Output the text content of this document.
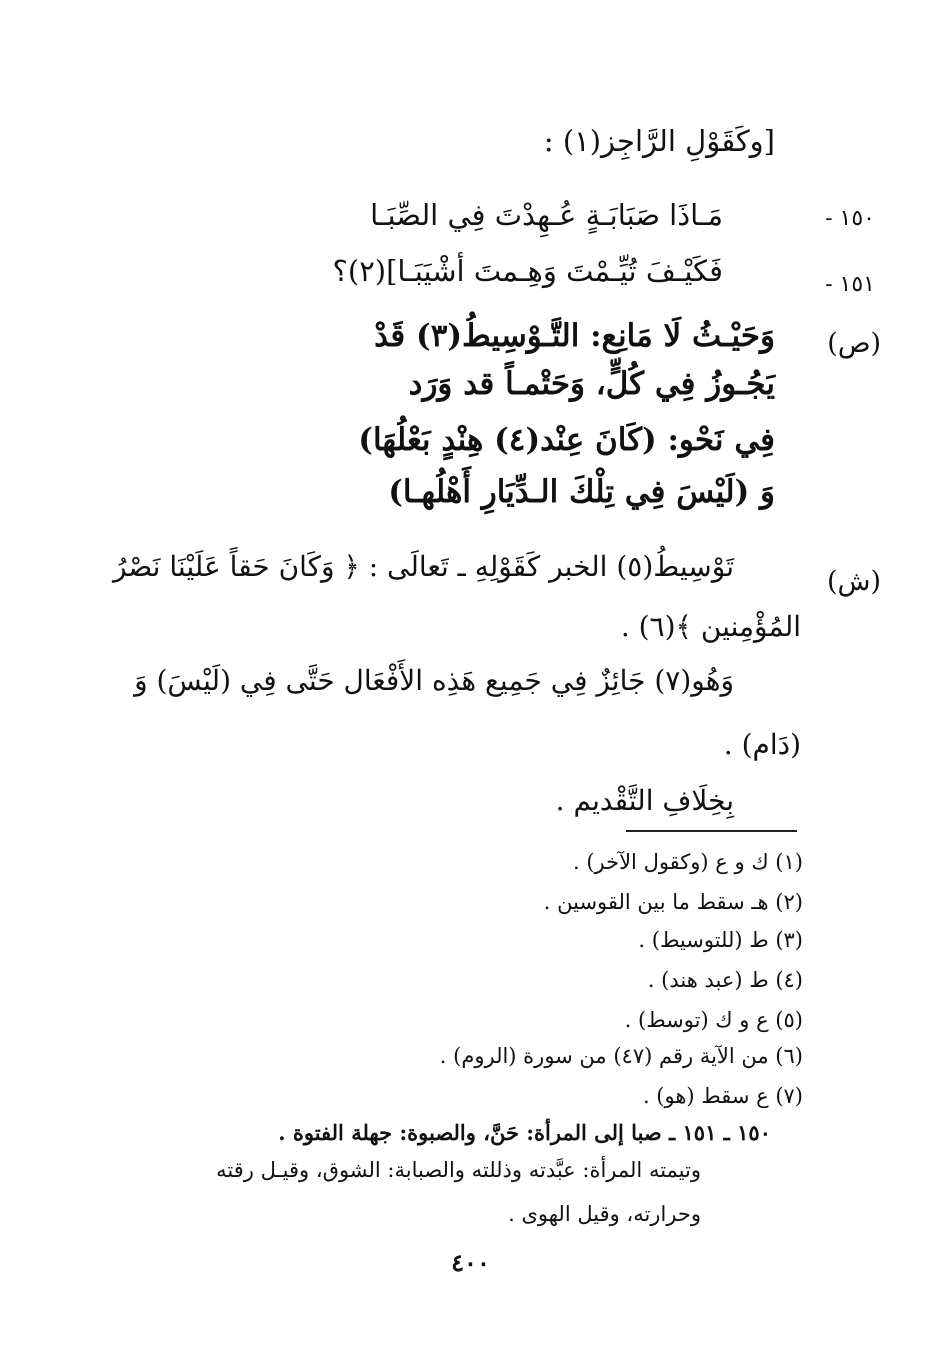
[وكَقَوْلِ الرَّاجِز(١) :
١٥٠ -
مَـاذَا صَبَابَـةٍ عُـهِدْتَ فِي الصِّبَـا
١٥١ -
فَكَيْـفَ تُيِّـمْتَ وَهِـمتَ أشْيَبَـا](٢)؟
(ص)
وَحَيْـثُ لَا مَانِع: التَّـوْسِيطُ(٣) قَدْ
يَجُـوزُ فِي كُلٍّ، وَحَتْمـاً قد وَرَد
فِي نَحْو: (كَانَ عِنْد(٤) هِنْدٍ بَعْلُهَا)
وَ (لَيْسَ فِي تِلْكَ الـدِّيَارِ أَهْلُهـا)
(ش)
تَوْسِيطُ(٥) الخبر كَقَوْلِهِ ـ تَعالَى : ﴿ وَكَانَ حَقاً عَلَيْنَا نَصْرُ
المُؤْمِنين ﴾(٦) .
وَهُو(٧) جَائِزٌ فِي جَمِيع هَذِه الأَفْعَال حَتَّى فِي (لَيْسَ) وَ
(دَام) .
بِخِلَافِ التَّقْديم .
(١) ك و ع (وكقول الآخر) .
(٢) هـ سقط ما بين القوسين .
(٣) ط (للتوسيط) .
(٤) ط (عبد هند) .
(٥) ع و ك (توسط) .
(٦) من الآية رقم (٤٧) من سورة (الروم) .
(٧) ع سقط (هو) .
١٥٠ ـ ١٥١ ـ صبا إلى المرأة: حَنَّ، والصبوة: جهلة الفتوة .
وتيمته المرأة: عبَّدته وذللته والصبابة: الشوق، وقيـل رقته
وحرارته، وقيل الهوى .
٤٠٠
